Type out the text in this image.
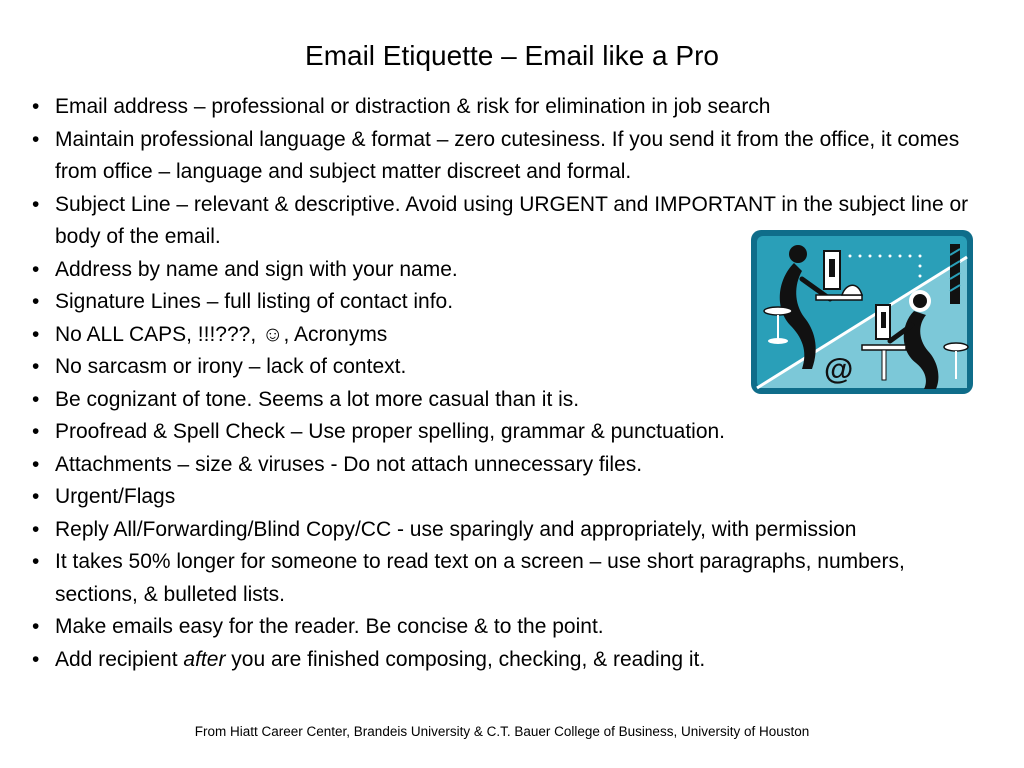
Email Etiquette – Email like a Pro
• Email address – professional or distraction & risk for elimination in job search
• Maintain professional language & format – zero cutesiness. If you send it from the office, it comes from office – language and subject matter discreet and formal.
• Subject Line – relevant & descriptive. Avoid using URGENT and IMPORTANT in the subject line or body of the email.
• Address by name and sign with your name.
• Signature Lines – full listing of contact info.
• No ALL CAPS, !!!???, ☺, Acronyms
• No sarcasm or irony – lack of context.
• Be cognizant of tone. Seems a lot more casual than it is.
• Proofread & Spell Check – Use proper spelling, grammar & punctuation.
• Attachments – size & viruses - Do not attach unnecessary files.
• Urgent/Flags
• Reply All/Forwarding/Blind Copy/CC - use sparingly and appropriately, with permission
• It takes 50% longer for someone to read text on a screen – use short paragraphs, numbers, sections, & bulleted lists.
• Make emails easy for the reader. Be concise & to the point.
• Add recipient after you are finished composing, checking, & reading it.
From Hiatt Career Center, Brandeis University & C.T. Bauer College of Business, University of Houston
@
